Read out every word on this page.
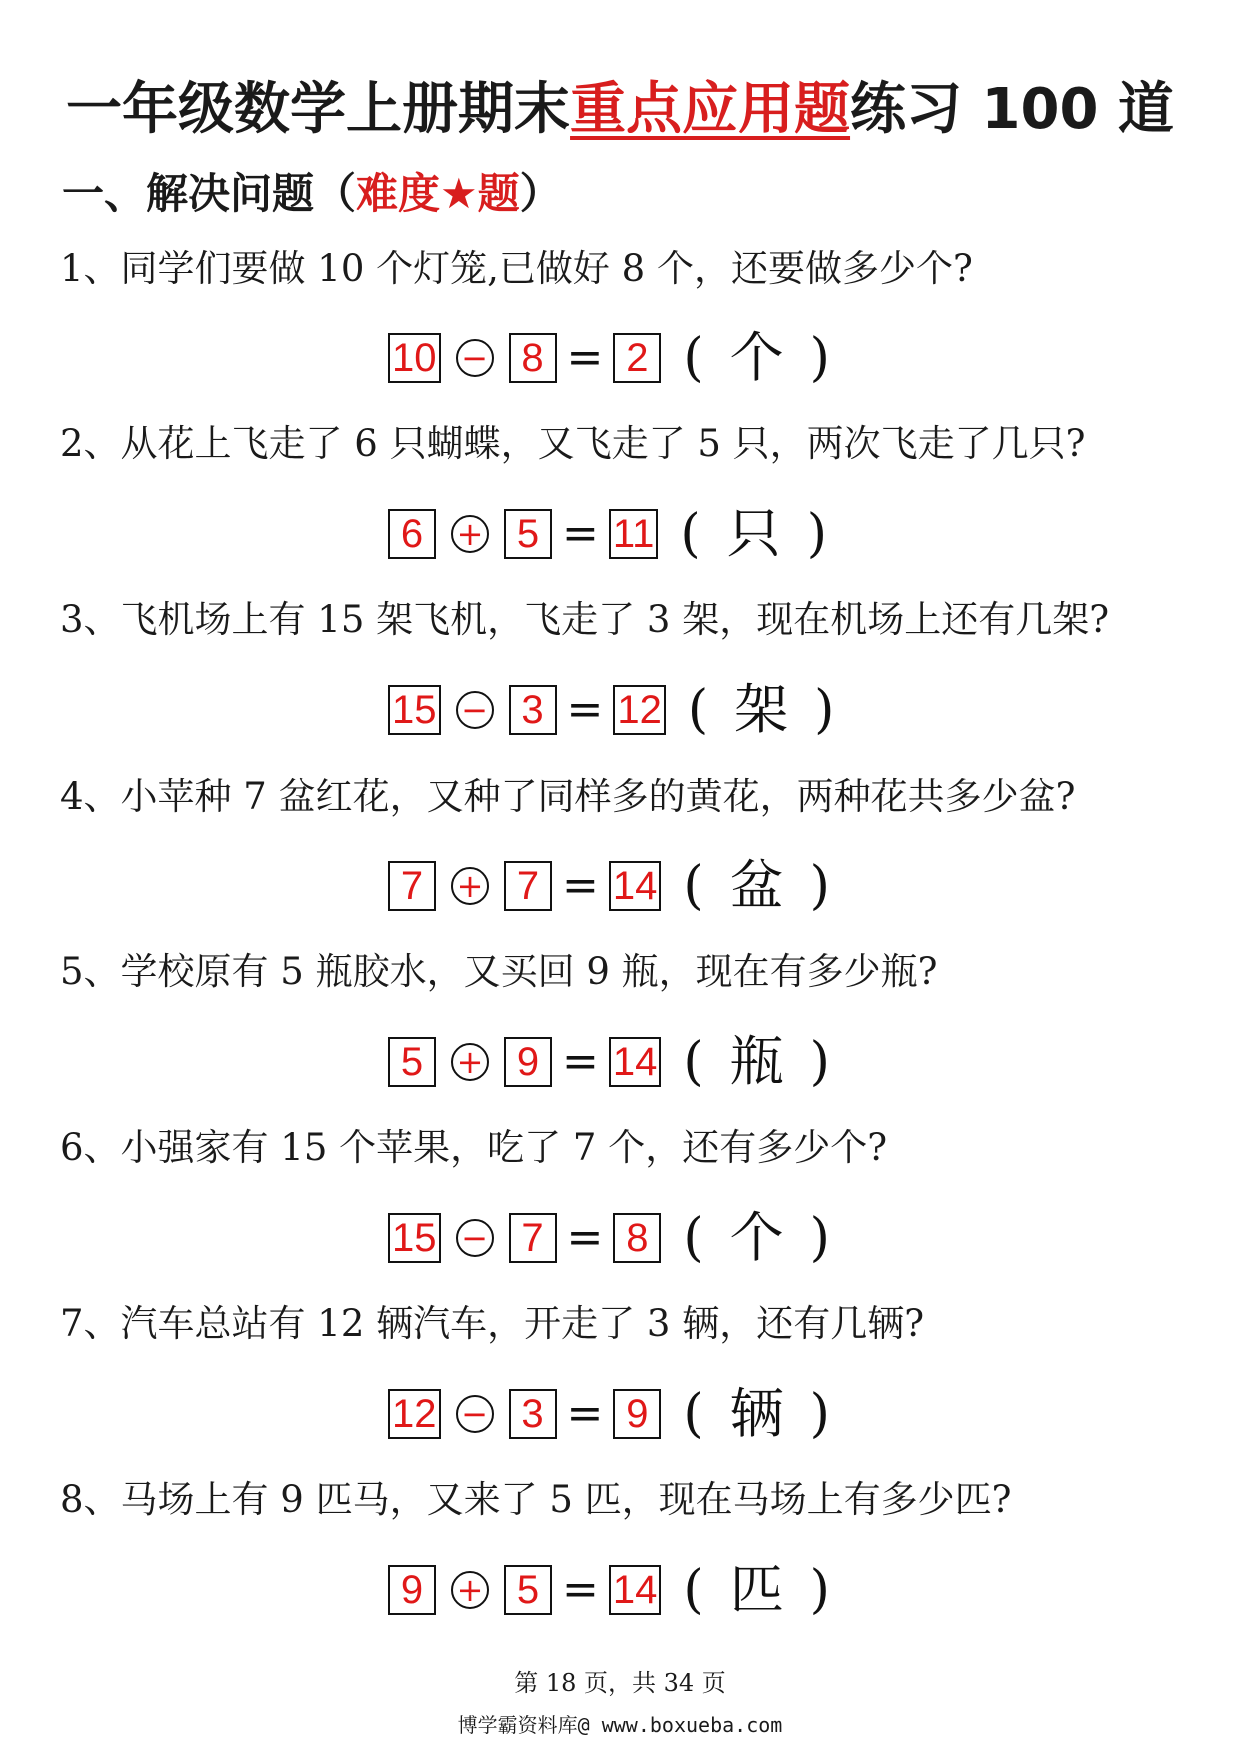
一年级数学上册期末重点应用题练习 100 道
一、解决问题（难度★题）
1、同学们要做 10 个灯笼,已做好 8 个，还要做多少个?
10 − 8 = 2 ( 个 )
2、从花上飞走了 6 只蝴蝶，又飞走了 5 只，两次飞走了几只?
6	+ 5 = 11 ( 只 )
3、飞机场上有 15 架飞机，飞走了 3 架，现在机场上还有几架?
15 − 3 = 12 ( 架 )
4、小苹种 7 盆红花，又种了同样多的黄花，两种花共多少盆?
7	+ 7 = 14 ( 盆 )
5、学校原有 5 瓶胶水，又买回 9 瓶，现在有多少瓶?
5	+ 9 = 14 ( 瓶 )
6、小强家有 15 个苹果，吃了 7 个，还有多少个?
15 − 7 = 8 ( 个 )
7、汽车总站有 12 辆汽车，开走了 3 辆，还有几辆?
12 − 3 = 9 ( 辆 )
8、马场上有 9 匹马，又来了 5 匹，现在马场上有多少匹?
9	+ 5 = 14 ( 匹 )
第 18 页，共 34 页
博学霸资料库@ www.boxueba.com
